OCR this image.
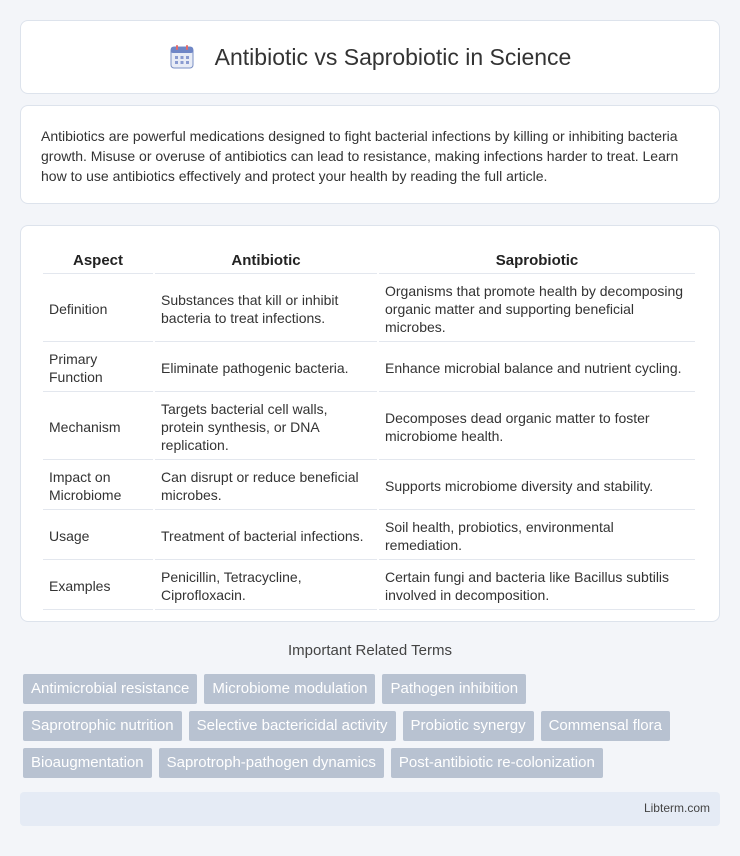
Antibiotic vs Saprobiotic in Science

Antibiotics are powerful medications designed to fight bacterial infections by killing or inhibiting bacteria growth. Misuse or overuse of antibiotics can lead to resistance, making infections harder to treat. Learn how to use antibiotics effectively and protect your health by reading the full article.

Aspect	Antibiotic	Saprobiotic
Definition	Substances that kill or inhibit bacteria to treat infections.	Organisms that promote health by decomposing organic matter and supporting beneficial microbes.
Primary Function	Eliminate pathogenic bacteria.	Enhance microbial balance and nutrient cycling.
Mechanism	Targets bacterial cell walls, protein synthesis, or DNA replication.	Decomposes dead organic matter to foster microbiome health.
Impact on Microbiome	Can disrupt or reduce beneficial microbes.	Supports microbiome diversity and stability.
Usage	Treatment of bacterial infections.	Soil health, probiotics, environmental remediation.
Examples	Penicillin, Tetracycline, Ciprofloxacin.	Certain fungi and bacteria like Bacillus subtilis involved in decomposition.
Important Related Terms
Antimicrobial resistance	Microbiome modulation	Pathogen inhibition
Saprotrophic nutrition	Selective bactericidal activity	Probiotic synergy	Commensal flora
Bioaugmentation	Saprotroph-pathogen dynamics	Post-antibiotic re-colonization
Libterm.com
